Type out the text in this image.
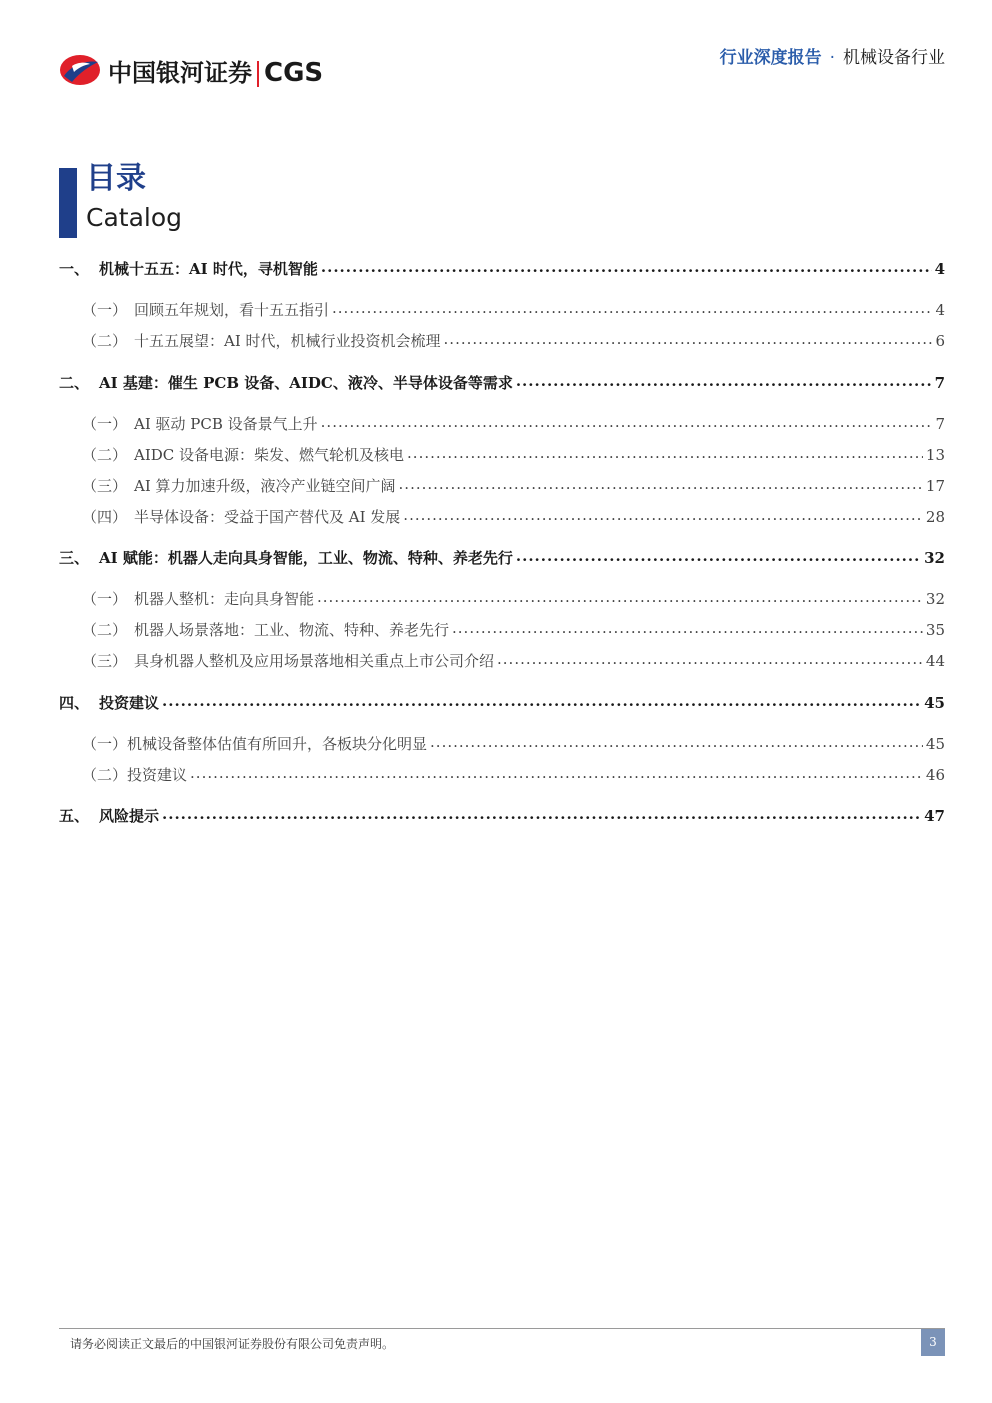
中国银河证券 CGS	行业深度报告 · 机械设备行业
目录
Catalog
一、 机械十五五：AI 时代，寻机智能 .....	4
（一） 回顾五年规划，看十五五指引 .....	4
（二） 十五五展望：AI 时代，机械行业投资机会梳理 .....	6
二、 AI 基建：催生 PCB 设备、AIDC、液冷、半导体设备等需求 .....	7
（一） AI 驱动 PCB 设备景气上升 .....	7
（二） AIDC 设备电源：柴发、燃气轮机及核电 .....	13
（三） AI 算力加速升级，液冷产业链空间广阔 .....	17
（四） 半导体设备：受益于国产替代及 AI 发展 .....	28
三、 AI 赋能：机器人走向具身智能，工业、物流、特种、养老先行 .....	32
（一） 机器人整机：走向具身智能 .....	32
（二） 机器人场景落地：工业、物流、特种、养老先行 .....	35
（三） 具身机器人整机及应用场景落地相关重点上市公司介绍 .....	44
四、 投资建议 .....	45
（一） 机械设备整体估值有所回升，各板块分化明显 .....	45
（二） 投资建议 .....	46
五、 风险提示 .....	47
请务必阅读正文最后的中国银河证券股份有限公司免责声明。	3
